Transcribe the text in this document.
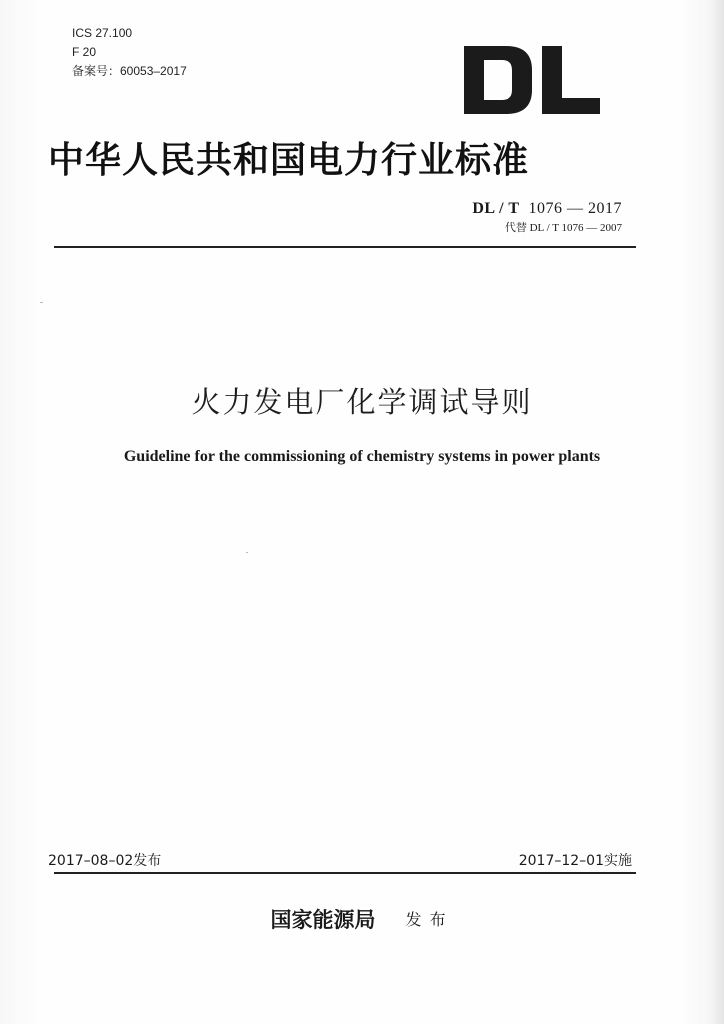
ICS 27.100
F 20
备案号：60053–2017
中华人民共和国电力行业标准
DL / T 1076 — 2017
代替 DL / T 1076 — 2007
火力发电厂化学调试导则
Guideline for the commissioning of chemistry systems in power plants
2017–08–02发布	2017–12–01实施
国家能源局 发布
